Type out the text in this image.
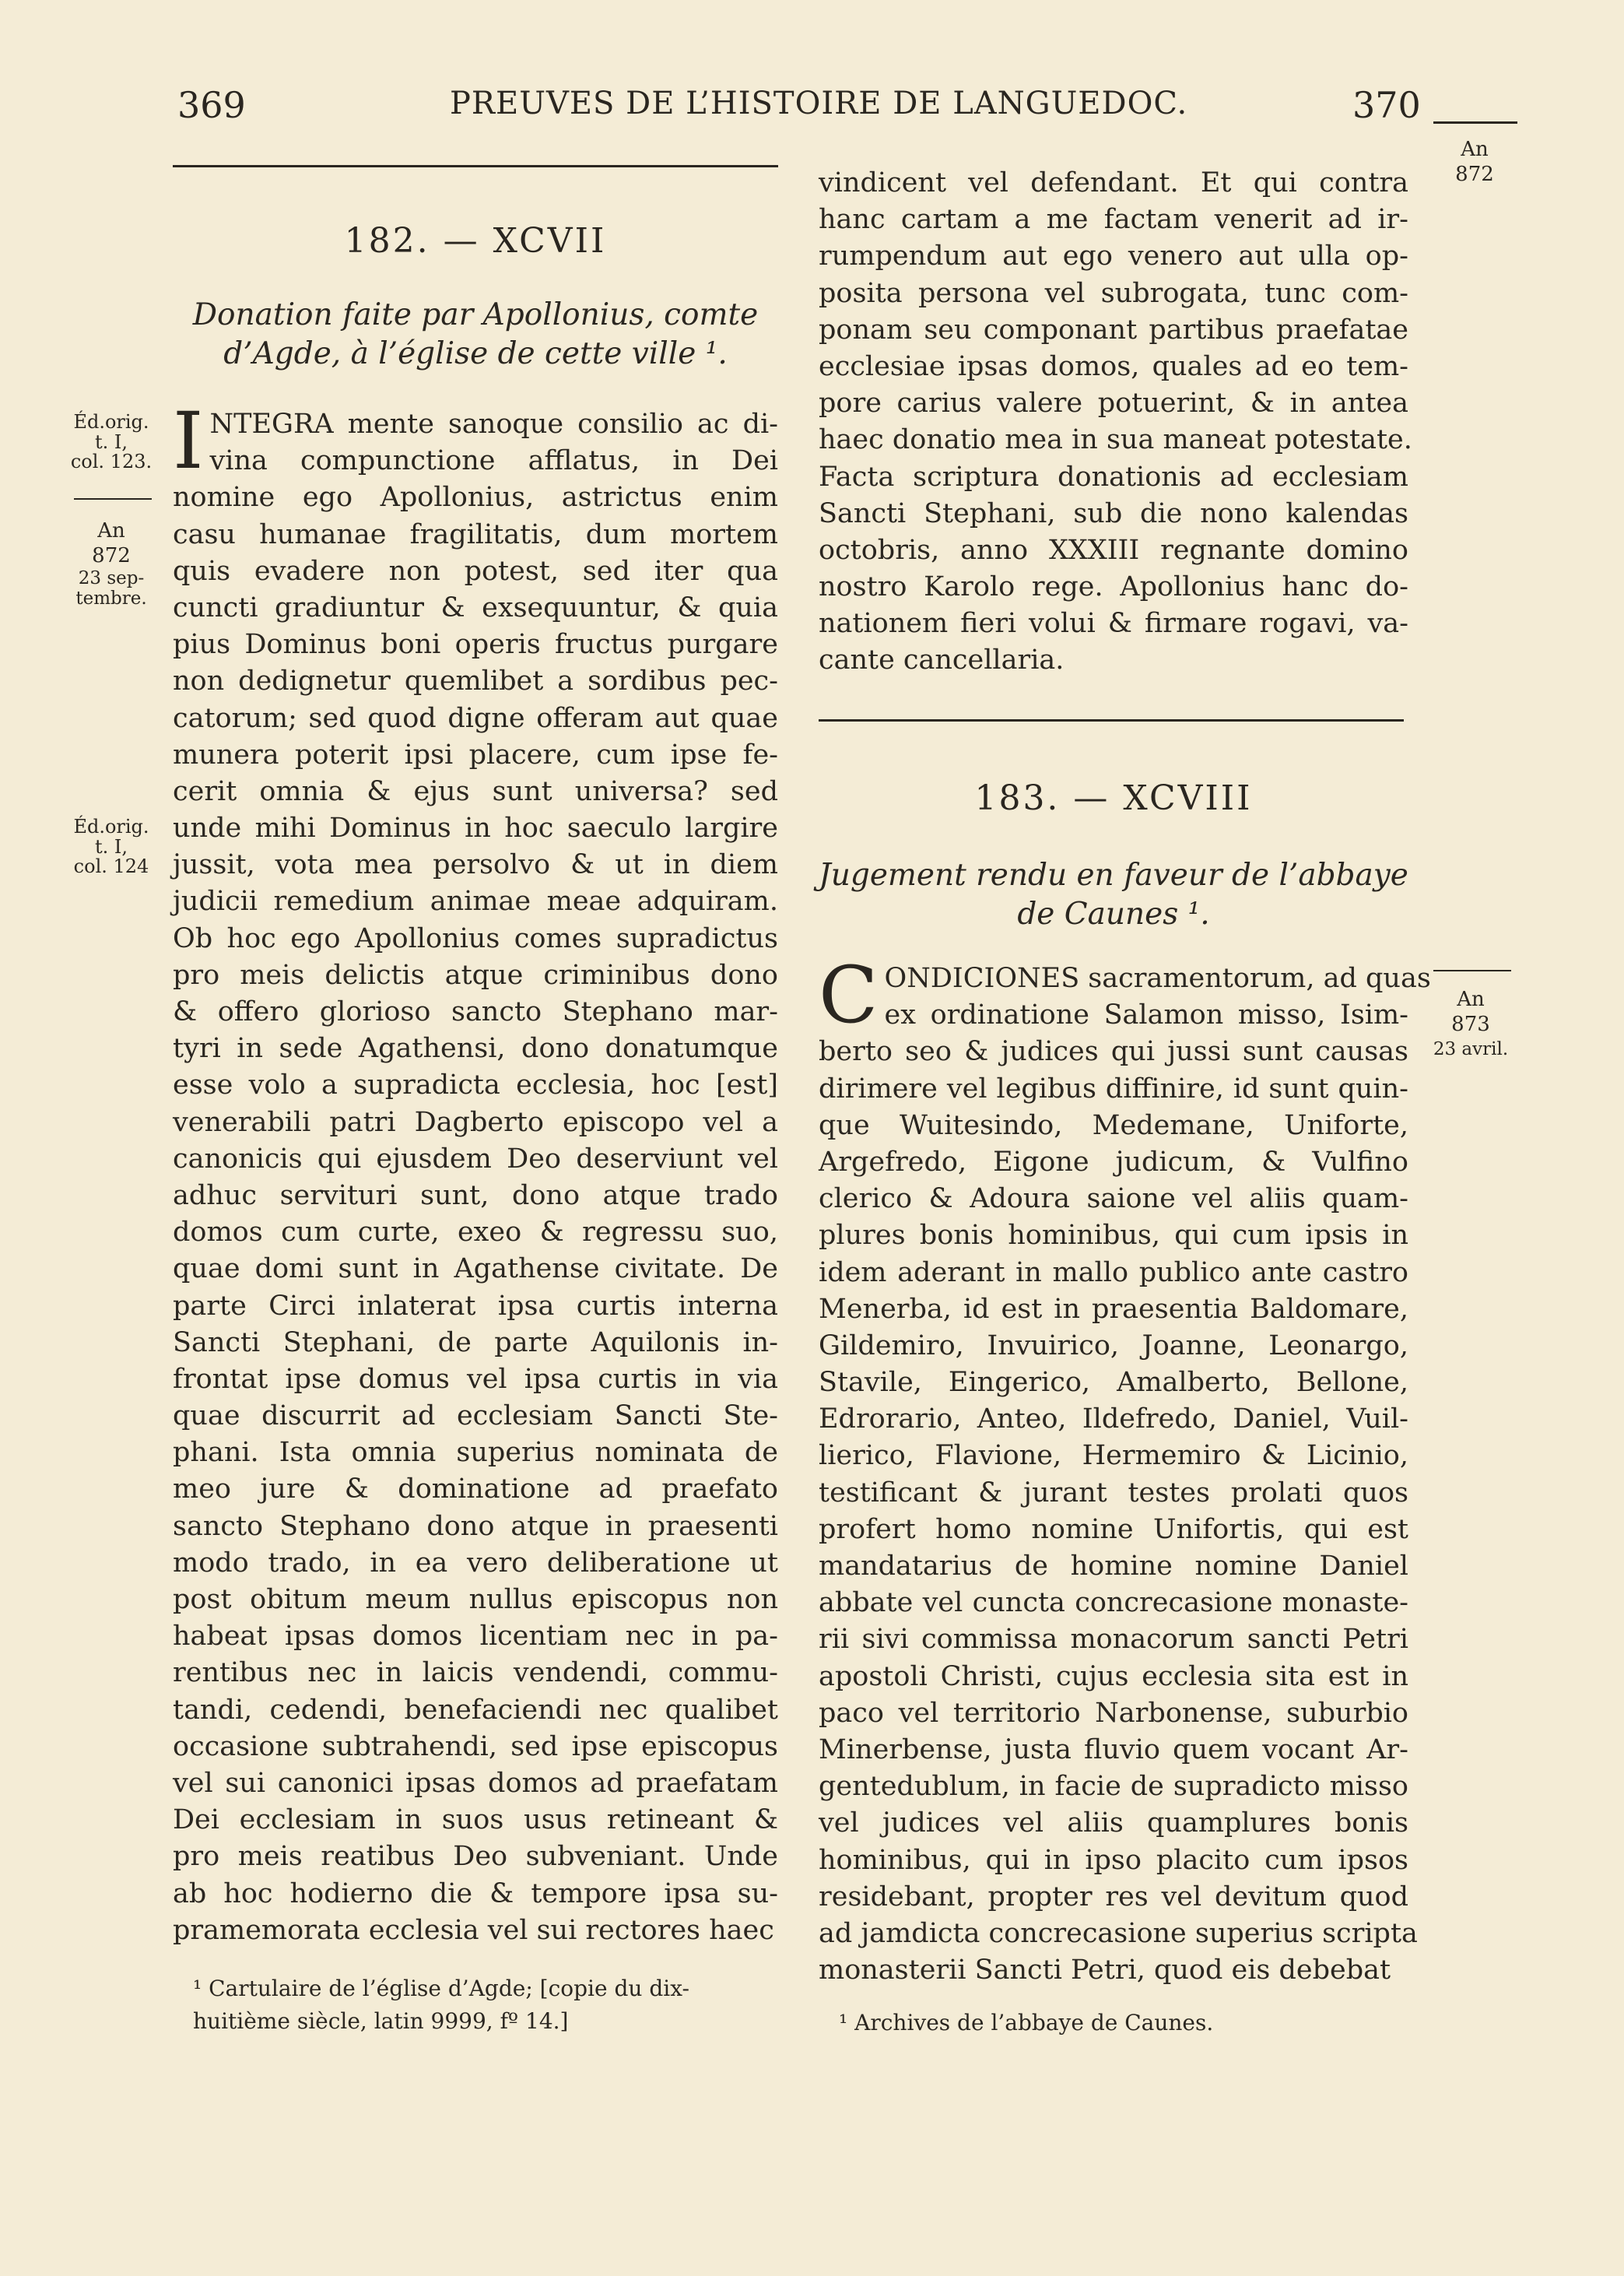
369	PREUVES DE L’HISTOIRE DE LANGUEDOC.	370
An
872
182. — XCVII
Donation faite par Apollonius, comte
d’Agde, à l’église de cette ville ¹.
Éd.orig.
t. I,
col. 123.
An
872
23 sep-
tembre.
Éd.orig.
t. I,
col. 124
I NTEGRA mente sanoque consilio ac di-
vina compunctione afflatus, in Dei
nomine ego Apollonius, astrictus enim
casu humanae fragilitatis, dum mortem
quis evadere non potest, sed iter qua
cuncti gradiuntur & exsequuntur, & quia
pius Dominus boni operis fructus purgare
non dedignetur quemlibet a sordibus pec-
catorum; sed quod digne offeram aut quae
munera poterit ipsi placere, cum ipse fe-
cerit omnia & ejus sunt universa? sed
unde mihi Dominus in hoc saeculo largire
jussit, vota mea persolvo & ut in diem
judicii remedium animae meae adquiram.
Ob hoc ego Apollonius comes supradictus
pro meis delictis atque criminibus dono
& offero glorioso sancto Stephano mar-
tyri in sede Agathensi, dono donatumque
esse volo a supradicta ecclesia, hoc [est]
venerabili patri Dagberto episcopo vel a
canonicis qui ejusdem Deo deserviunt vel
adhuc servituri sunt, dono atque trado
domos cum curte, exeo & regressu suo,
quae domi sunt in Agathense civitate. De
parte Circi inlaterat ipsa curtis interna
Sancti Stephani, de parte Aquilonis in-
frontat ipse domus vel ipsa curtis in via
quae discurrit ad ecclesiam Sancti Ste-
phani. Ista omnia superius nominata de
meo jure & dominatione ad praefato
sancto Stephano dono atque in praesenti
modo trado, in ea vero deliberatione ut
post obitum meum nullus episcopus non
habeat ipsas domos licentiam nec in pa-
rentibus nec in laicis vendendi, commu-
tandi, cedendi, benefaciendi nec qualibet
occasione subtrahendi, sed ipse episcopus
vel sui canonici ipsas domos ad praefatam
Dei ecclesiam in suos usus retineant &
pro meis reatibus Deo subveniant. Unde
ab hoc hodierno die & tempore ipsa su-
pramemorata ecclesia vel sui rectores haec

¹ Cartulaire de l’église d’Agde; [copie du dix-
huitième siècle, latin 9999, fº 14.]

vindicent vel defendant. Et qui contra
hanc cartam a me factam venerit ad ir-
rumpendum aut ego venero aut ulla op-
posita persona vel subrogata, tunc com-
ponam seu componant partibus praefatae
ecclesiae ipsas domos, quales ad eo tem-
pore carius valere potuerint, & in antea
haec donatio mea in sua maneat potestate.
Facta scriptura donationis ad ecclesiam
Sancti Stephani, sub die nono kalendas
octobris, anno XXXIII regnante domino
nostro Karolo rege. Apollonius hanc do-
nationem fieri volui & firmare rogavi, va-
cante cancellaria.

183. — XCVIII
Jugement rendu en faveur de l’abbaye
de Caunes ¹.
An
873
23 avril.
C ONDICIONES sacramentorum, ad quas
ex ordinatione Salamon misso, Isim-
berto seo & judices qui jussi sunt causas
dirimere vel legibus diffinire, id sunt quin-
que Wuitesindo, Medemane, Uniforte,
Argefredo, Eigone judicum, & Vulfino
clerico & Adoura saione vel aliis quam-
plures bonis hominibus, qui cum ipsis in
idem aderant in mallo publico ante castro
Menerba, id est in praesentia Baldomare,
Gildemiro, Invuirico, Joanne, Leonargo,
Stavile, Eingerico, Amalberto, Bellone,
Edrorario, Anteo, Ildefredo, Daniel, Vuil-
lierico, Flavione, Hermemiro & Licinio,
testificant & jurant testes prolati quos
profert homo nomine Unifortis, qui est
mandatarius de homine nomine Daniel
abbate vel cuncta concrecasione monaste-
rii sivi commissa monacorum sancti Petri
apostoli Christi, cujus ecclesia sita est in
paco vel territorio Narbonense, suburbio
Minerbense, justa fluvio quem vocant Ar-
gentedublum, in facie de supradicto misso
vel judices vel aliis quamplures bonis
hominibus, qui in ipso placito cum ipsos
residebant, propter res vel devitum quod
ad jamdicta concrecasione superius scripta
monasterii Sancti Petri, quod eis debebat

¹ Archives de l’abbaye de Caunes.
